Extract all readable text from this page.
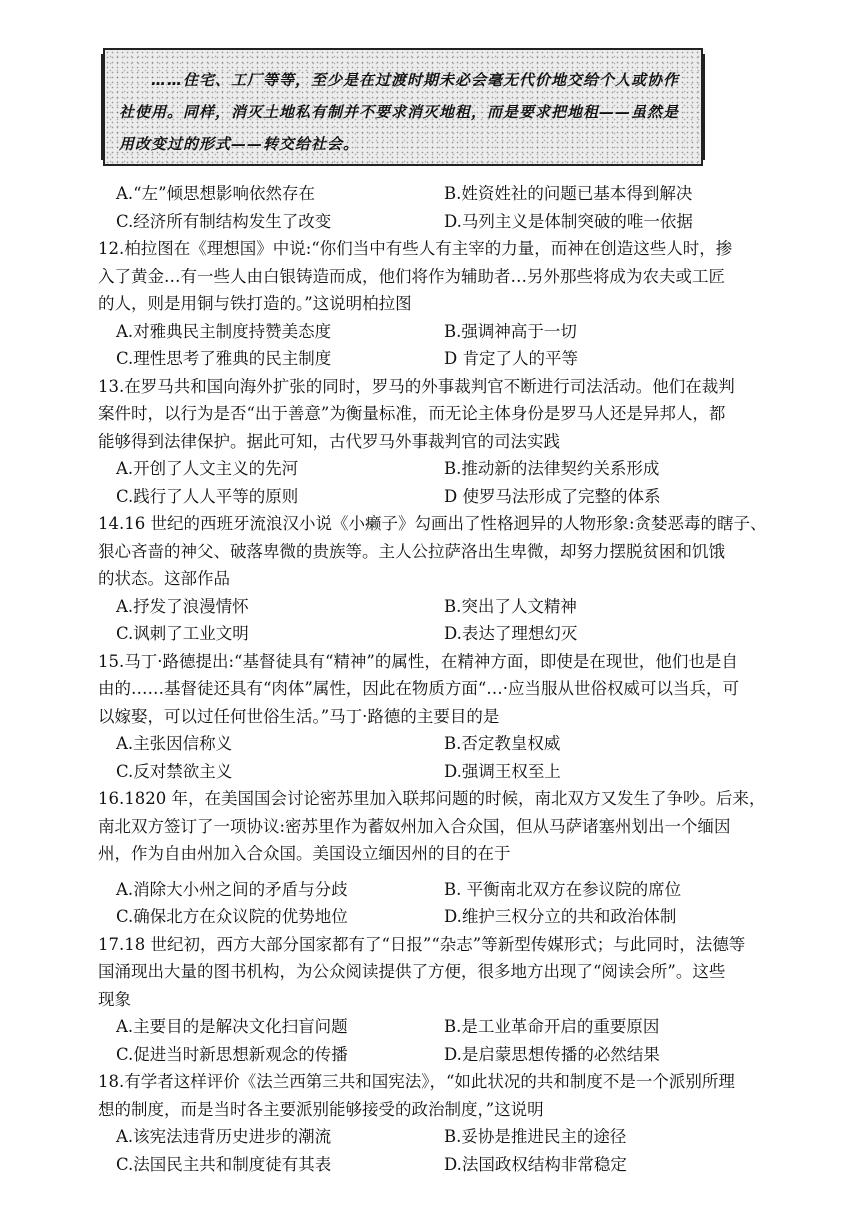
……住宅、工厂等等，至少是在过渡时期未必会毫无代价地交给个人或协作社使用。同样，消灭土地私有制并不要求消灭地租，而是要求把地租——虽然是用改变过的形式——转交给社会。
A.“左”倾思想影响依然存在	B.姓资姓社的问题已基本得到解决
C.经济所有制结构发生了改变	D.马列主义是体制突破的唯一依据
12.柏拉图在《理想国》中说:“你们当中有些人有主宰的力量，而神在创造这些人时，掺
入了黄金…有一些人由白银铸造而成，他们将作为辅助者…另外那些将成为农夫或工匠
的人，则是用铜与铁打造的。”这说明柏拉图
A.对雅典民主制度持赞美态度	B.强调神高于一切
C.理性思考了雅典的民主制度	D 肯定了人的平等
13.在罗马共和国向海外扩张的同时，罗马的外事裁判官不断进行司法活动。他们在裁判
案件时，以行为是否“出于善意”为衡量标准，而无论主体身份是罗马人还是异邦人，都
能够得到法律保护。据此可知，古代罗马外事裁判官的司法实践
A.开创了人文主义的先河	B.推动新的法律契约关系形成
C.践行了人人平等的原则	D 使罗马法形成了完整的体系
14.16 世纪的西班牙流浪汉小说《小癞子》勾画出了性格迥异的人物形象:贪婪恶毒的瞎子、
狠心吝啬的神父、破落卑微的贵族等。主人公拉萨洛出生卑微，却努力摆脱贫困和饥饿
的状态。这部作品
A.抒发了浪漫情怀	B.突出了人文精神
C.讽刺了工业文明	D.表达了理想幻灭
15.马丁·路德提出:“基督徒具有“精神”的属性，在精神方面，即使是在现世，他们也是自
由的……基督徒还具有“肉体”属性，因此在物质方面“…·应当服从世俗权威可以当兵，可
以嫁娶，可以过任何世俗生活。”马丁·路德的主要目的是
A.主张因信称义	B.否定教皇权威
C.反对禁欲主义	D.强调王权至上
16.1820 年，在美国国会讨论密苏里加入联邦问题的时候，南北双方又发生了争吵。后来，
南北双方签订了一项协议:密苏里作为蓄奴州加入合众国，但从马萨诸塞州划出一个缅因
州，作为自由州加入合众国。美国设立缅因州的目的在于
A.消除大小州之间的矛盾与分歧	B. 平衡南北双方在参议院的席位
C.确保北方在众议院的优势地位	D.维护三权分立的共和政治体制
17.18 世纪初，西方大部分国家都有了“日报”“杂志”等新型传媒形式；与此同时，法德等
国涌现出大量的图书机构，为公众阅读提供了方便，很多地方出现了“阅读会所”。这些
现象
A.主要目的是解决文化扫盲问题	B.是工业革命开启的重要原因
C.促进当时新思想新观念的传播	D.是启蒙思想传播的必然结果
18.有学者这样评价《法兰西第三共和国宪法》，“如此状况的共和制度不是一个派别所理
想的制度，而是当时各主要派别能够接受的政治制度，”这说明
A.该宪法违背历史进步的潮流	B.妥协是推进民主的途径
C.法国民主共和制度徒有其表	D.法国政权结构非常稳定
